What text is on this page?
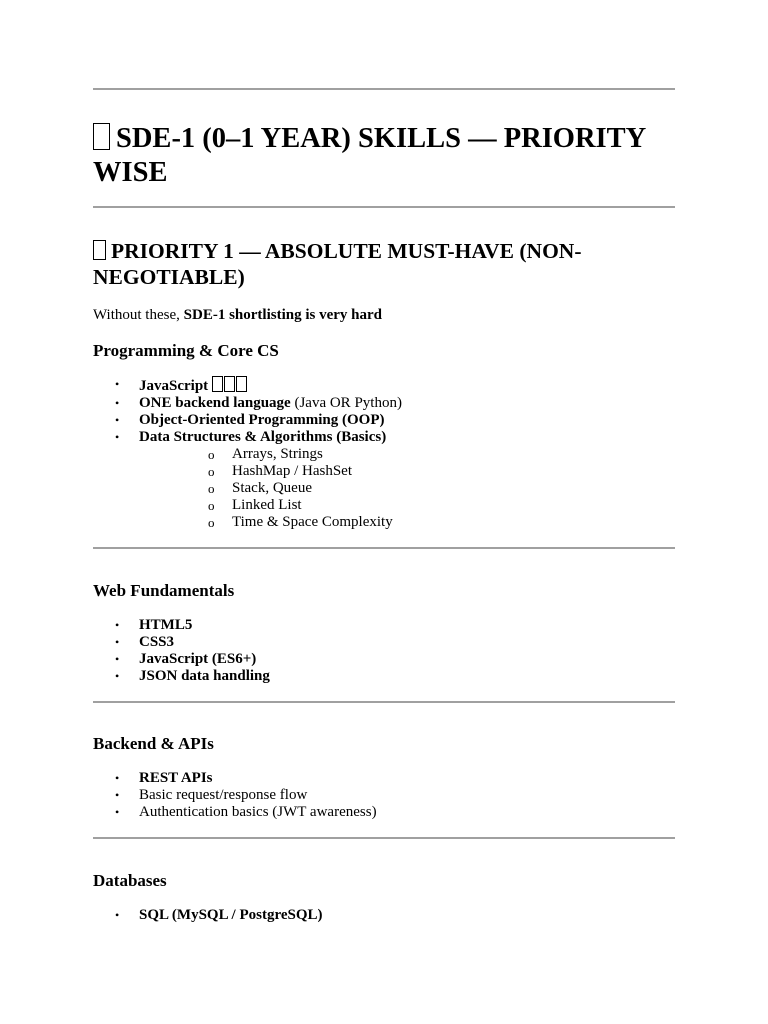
SDE-1 (0–1 YEAR) SKILLS — PRIORITY WISE
PRIORITY 1 — ABSOLUTE MUST-HAVE (NON-NEGOTIABLE)
Without these, SDE-1 shortlisting is very hard
Programming & Core CS
• JavaScript
• ONE backend language (Java OR Python)
• Object-Oriented Programming (OOP)
• Data Structures & Algorithms (Basics)
o Arrays, Strings
o HashMap / HashSet
o Stack, Queue
o Linked List
o Time & Space Complexity
Web Fundamentals
• HTML5
• CSS3
• JavaScript (ES6+)
• JSON data handling
Backend & APIs
• REST APIs
• Basic request/response flow
• Authentication basics (JWT awareness)
Databases
• SQL (MySQL / PostgreSQL)
